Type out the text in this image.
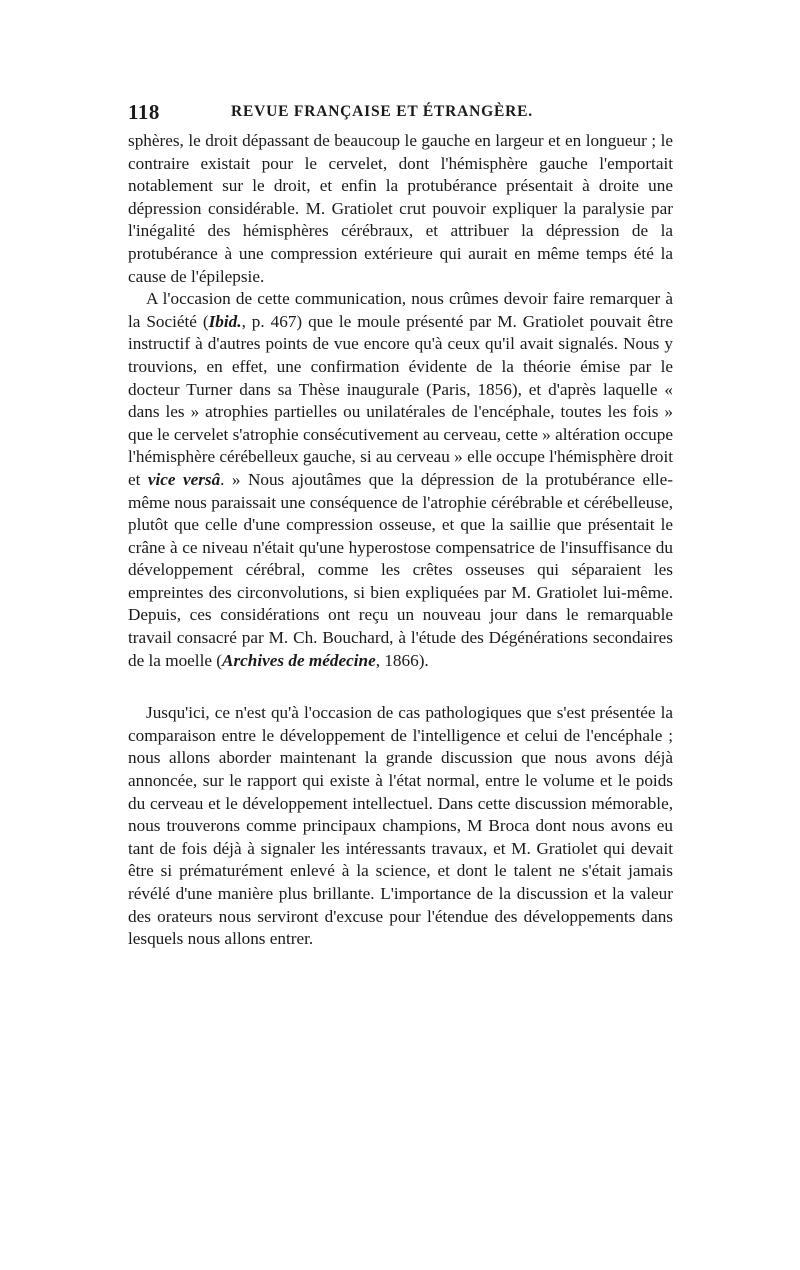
118	REVUE FRANÇAISE ET ÉTRANGÈRE.

sphères, le droit dépassant de beaucoup le gauche en largeur et en longueur ; le contraire existait pour le cervelet, dont l'hémisphère gauche l'emportait notablement sur le droit, et enfin la protubérance présentait à droite une dépression considérable. M. Gratiolet crut pouvoir expliquer la paralysie par l'inégalité des hémisphères cérébraux, et attribuer la dépression de la protubérance à une compression extérieure qui aurait en même temps été la cause de l'épilepsie.

A l'occasion de cette communication, nous crûmes devoir faire remarquer à la Société (Ibid., p. 467) que le moule présenté par M. Gratiolet pouvait être instructif à d'autres points de vue encore qu'à ceux qu'il avait signalés. Nous y trouvions, en effet, une confirmation évidente de la théorie émise par le docteur Turner dans sa Thèse inaugurale (Paris, 1856), et d'après laquelle « dans les » atrophies partielles ou unilatérales de l'encéphale, toutes les fois » que le cervelet s'atrophie consécutivement au cerveau, cette » altération occupe l'hémisphère cérébelleux gauche, si au cerveau » elle occupe l'hémisphère droit et vice versâ. » Nous ajoutâmes que la dépression de la protubérance elle-même nous paraissait une conséquence de l'atrophie cérébrable et cérébelleuse, plutôt que celle d'une compression osseuse, et que la saillie que présentait le crâne à ce niveau n'était qu'une hyperostose compensatrice de l'insuffisance du développement cérébral, comme les crêtes osseuses qui séparaient les empreintes des circonvolutions, si bien expliquées par M. Gratiolet lui-même. Depuis, ces considérations ont reçu un nouveau jour dans le remarquable travail consacré par M. Ch. Bouchard, à l'étude des Dégénérations secondaires de la moelle (Archives de médecine, 1866).

Jusqu'ici, ce n'est qu'à l'occasion de cas pathologiques que s'est présentée la comparaison entre le développement de l'intelligence et celui de l'encéphale ; nous allons aborder maintenant la grande discussion que nous avons déjà annoncée, sur le rapport qui existe à l'état normal, entre le volume et le poids du cerveau et le développement intellectuel. Dans cette discussion mémorable, nous trouverons comme principaux champions, M Broca dont nous avons eu tant de fois déjà à signaler les intéressants travaux, et M. Gratiolet qui devait être si prématurément enlevé à la science, et dont le talent ne s'était jamais révélé d'une manière plus brillante. L'importance de la discussion et la valeur des orateurs nous serviront d'excuse pour l'étendue des développements dans lesquels nous allons entrer.
